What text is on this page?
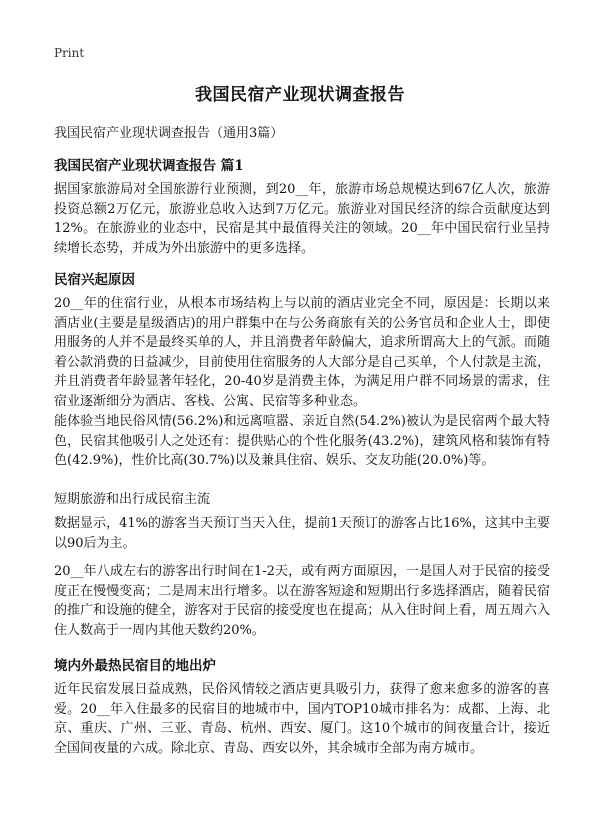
Print
我国民宿产业现状调查报告
我国民宿产业现状调查报告（通用3篇）
我国民宿产业现状调查报告 篇1
据国家旅游局对全国旅游行业预测，到20__年，旅游市场总规模达到67亿人次，旅游投资总额2万亿元，旅游业总收入达到7万亿元。旅游业对国民经济的综合贡献度达到12%。在旅游业的业态中，民宿是其中最值得关注的领域。20__年中国民宿行业呈持续增长态势，并成为外出旅游中的更多选择。
民宿兴起原因
20__年的住宿行业，从根本市场结构上与以前的酒店业完全不同，原因是：长期以来酒店业(主要是星级酒店)的用户群集中在与公务商旅有关的公务官员和企业人士，即使用服务的人并不是最终买单的人，并且消费者年龄偏大，追求所谓高大上的气派。而随着公款消费的日益减少，目前使用住宿服务的人大部分是自己买单，个人付款是主流，并且消费者年龄显著年轻化，20-40岁是消费主体，为满足用户群不同场景的需求，住宿业逐渐细分为酒店、客栈、公寓、民宿等多种业态。
能体验当地民俗风情(56.2%)和远离喧嚣、亲近自然(54.2%)被认为是民宿两个最大特色，民宿其他吸引人之处还有：提供贴心的个性化服务(43.2%)，建筑风格和装饰有特色(42.9%)，性价比高(30.7%)以及兼具住宿、娱乐、交友功能(20.0%)等。
短期旅游和出行成民宿主流
数据显示，41%的游客当天预订当天入住，提前1天预订的游客占比16%，这其中主要以90后为主。
20__年八成左右的游客出行时间在1-2天，或有两方面原因，一是国人对于民宿的接受度正在慢慢变高；二是周末出行增多。以在游客短途和短期出行多选择酒店，随着民宿的推广和设施的健全，游客对于民宿的接受度也在提高；从入住时间上看，周五周六入住人数高于一周内其他天数约20%。
境内外最热民宿目的地出炉
近年民宿发展日益成熟，民俗风情较之酒店更具吸引力，获得了愈来愈多的游客的喜爱。20__年入住最多的民宿目的地城市中，国内TOP10城市排名为：成都、上海、北京、重庆、广州、三亚、青岛、杭州、西安、厦门。这10个城市的间夜量合计，接近全国间夜量的六成。除北京、青岛、西安以外，其余城市全部为南方城市。
